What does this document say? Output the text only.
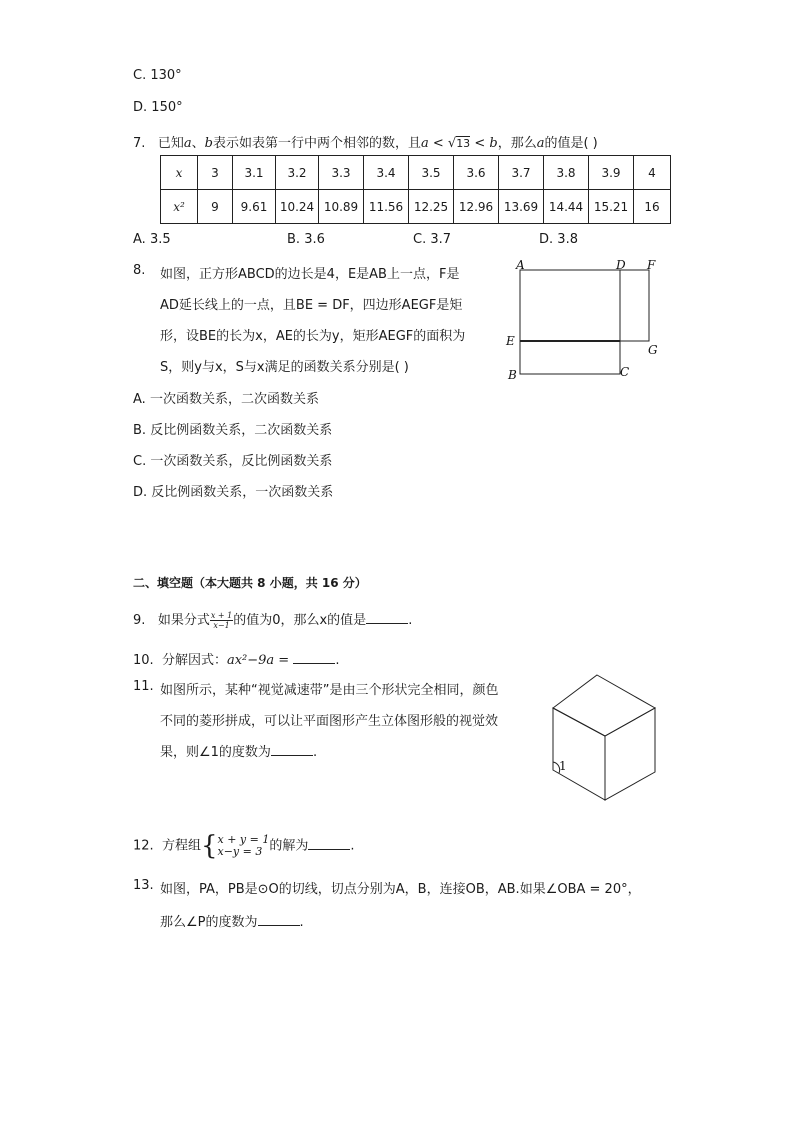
C. 130°
D. 150°
7. 已知a、b表示如表第一行中两个相邻的数，且a < √13 < b，那么a的值是( )
x	3	3.1	3.2	3.3	3.4	3.5	3.6	3.7	3.8	3.9	4
x²	9	9.61	10.24	10.89	11.56	12.25	12.96	13.69	14.44	15.21	16
A. 3.5	B. 3.6	C. 3.7	D. 3.8
8. 如图，正方形ABCD的边长是4，E是AB上一点，F是
AD延长线上的一点，且BE = DF，四边形AEGF是矩
形，设BE的长为x，AE的长为y，矩形AEGF的面积为
S，则y与x，S与x满足的函数关系分别是( )
A	D F
E
G
B	C
A. 一次函数关系，二次函数关系
B. 反比例函数关系，二次函数关系
C. 一次函数关系，反比例函数关系
D. 反比例函数关系，一次函数关系
二、填空题（本大题共 8 小题，共 16 分）
9. 如果分式 $\frac{x + 1}{x-1}$的值为0，那么x的值是	.
10. 分解因式：ax²−9a =	.
11. 如图所示，某种“视觉减速带”是由三个形状完全相同，颜色
不同的菱形拼成，可以让平面图形产生立体图形般的视觉效
果，则∠1的度数为	.
1
12. 方程组{ x + y = 1
x−y = 3 的解为	.
13. 如图，PA，PB是⊙O的切线，切点分别为A，B，连接OB，AB.如果∠OBA = 20°，
那么∠P的度数为	.
